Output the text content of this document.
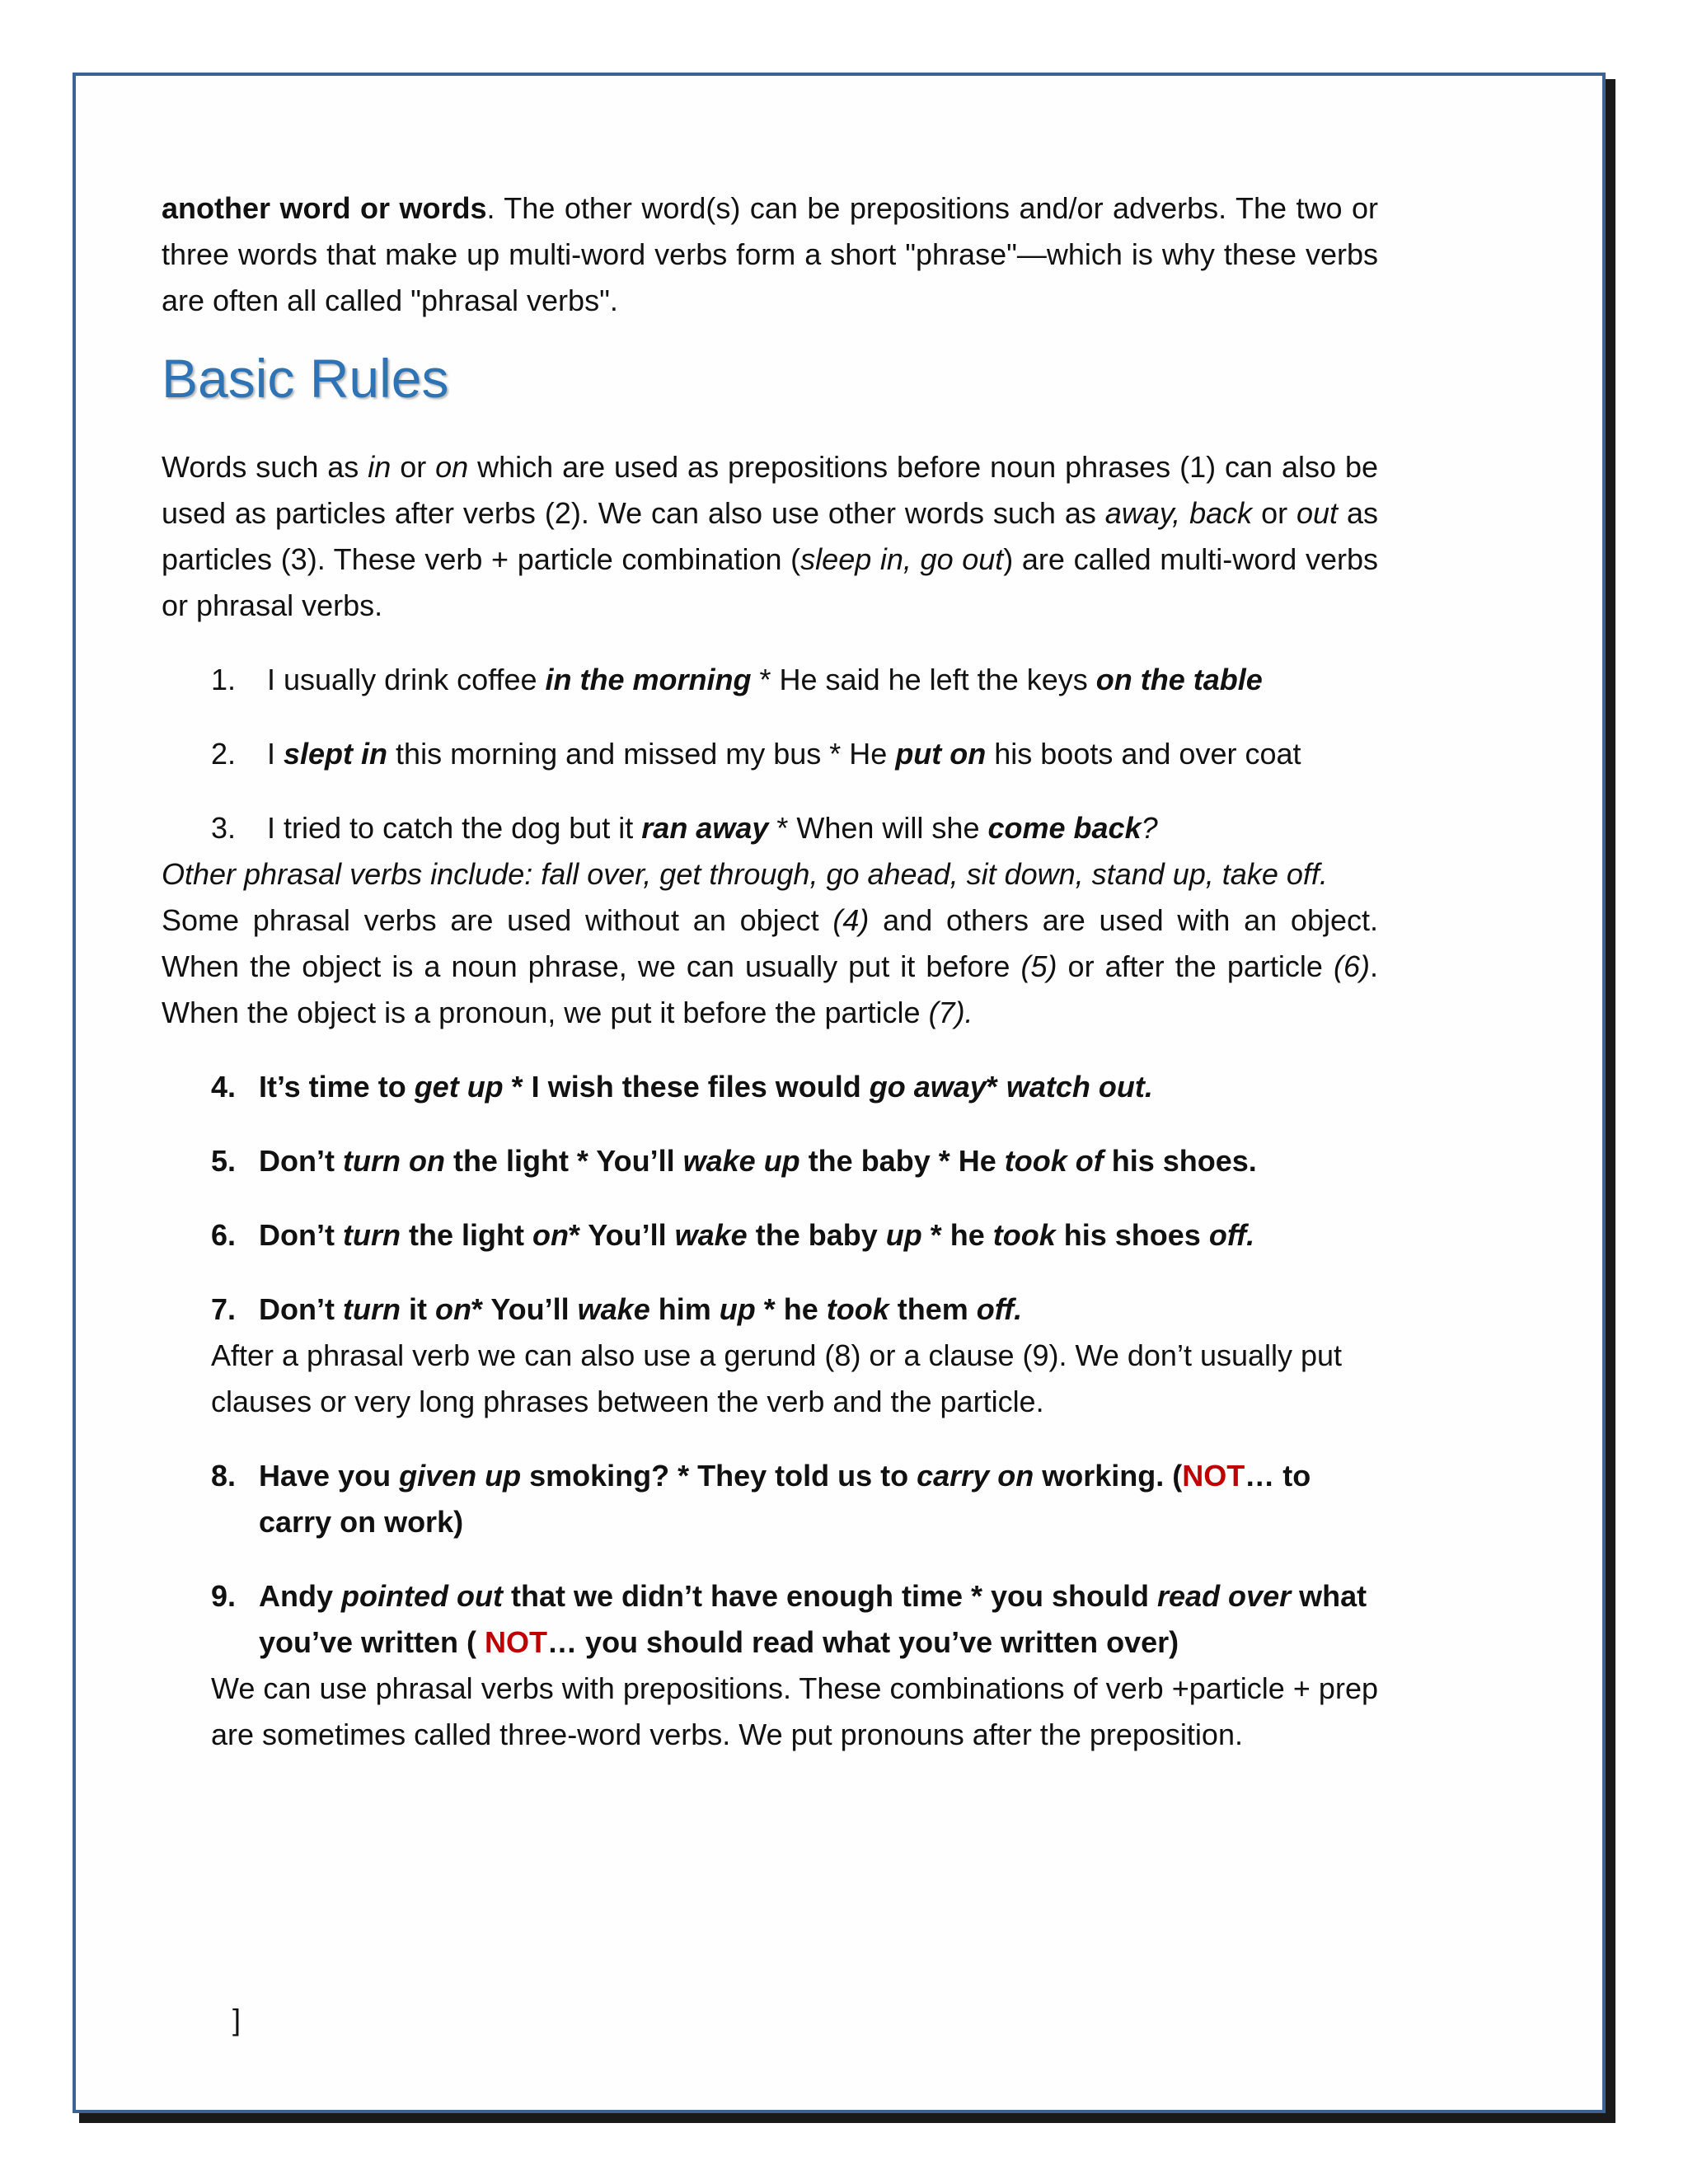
another word or words. The other word(s) can be prepositions and/or adverbs. The two or three words that make up multi-word verbs form a short "phrase"—which is why these verbs are often all called "phrasal verbs".

Basic Rules

Words such as in or on which are used as prepositions before noun phrases (1) can also be used as particles after verbs (2). We can also use other words such as away, back or out as particles (3). These verb + particle combination (sleep in, go out) are called multi-word verbs or phrasal verbs.

1. I usually drink coffee in the morning * He said he left the keys on the table
2. I slept in this morning and missed my bus * He put on his boots and over coat
3. I tried to catch the dog but it ran away * When will she come back?

Other phrasal verbs include: fall over, get through, go ahead, sit down, stand up, take off.

Some phrasal verbs are used without an object (4) and others are used with an object. When the object is a noun phrase, we can usually put it before (5) or after the particle (6). When the object is a pronoun, we put it before the particle (7).

4. It’s time to get up * I wish these files would go away* watch out.
5. Don’t turn on the light * You’ll wake up the baby * He took of his shoes.
6. Don’t turn the light on* You’ll wake the baby up * he took his shoes off.
7. Don’t turn it on* You’ll wake him up * he took them off.

After a phrasal verb we can also use a gerund (8) or a clause (9). We don’t usually put clauses or very long phrases between the verb and the particle.

8. Have you given up smoking? * They told us to carry on working. (NOT… to carry on work)
9. Andy pointed out that we didn’t have enough time * you should read over what you’ve written ( NOT… you should read what you’ve written over)

We can use phrasal verbs with prepositions. These combinations of verb +particle + prep are sometimes called three-word verbs. We put pronouns after the preposition.

]
